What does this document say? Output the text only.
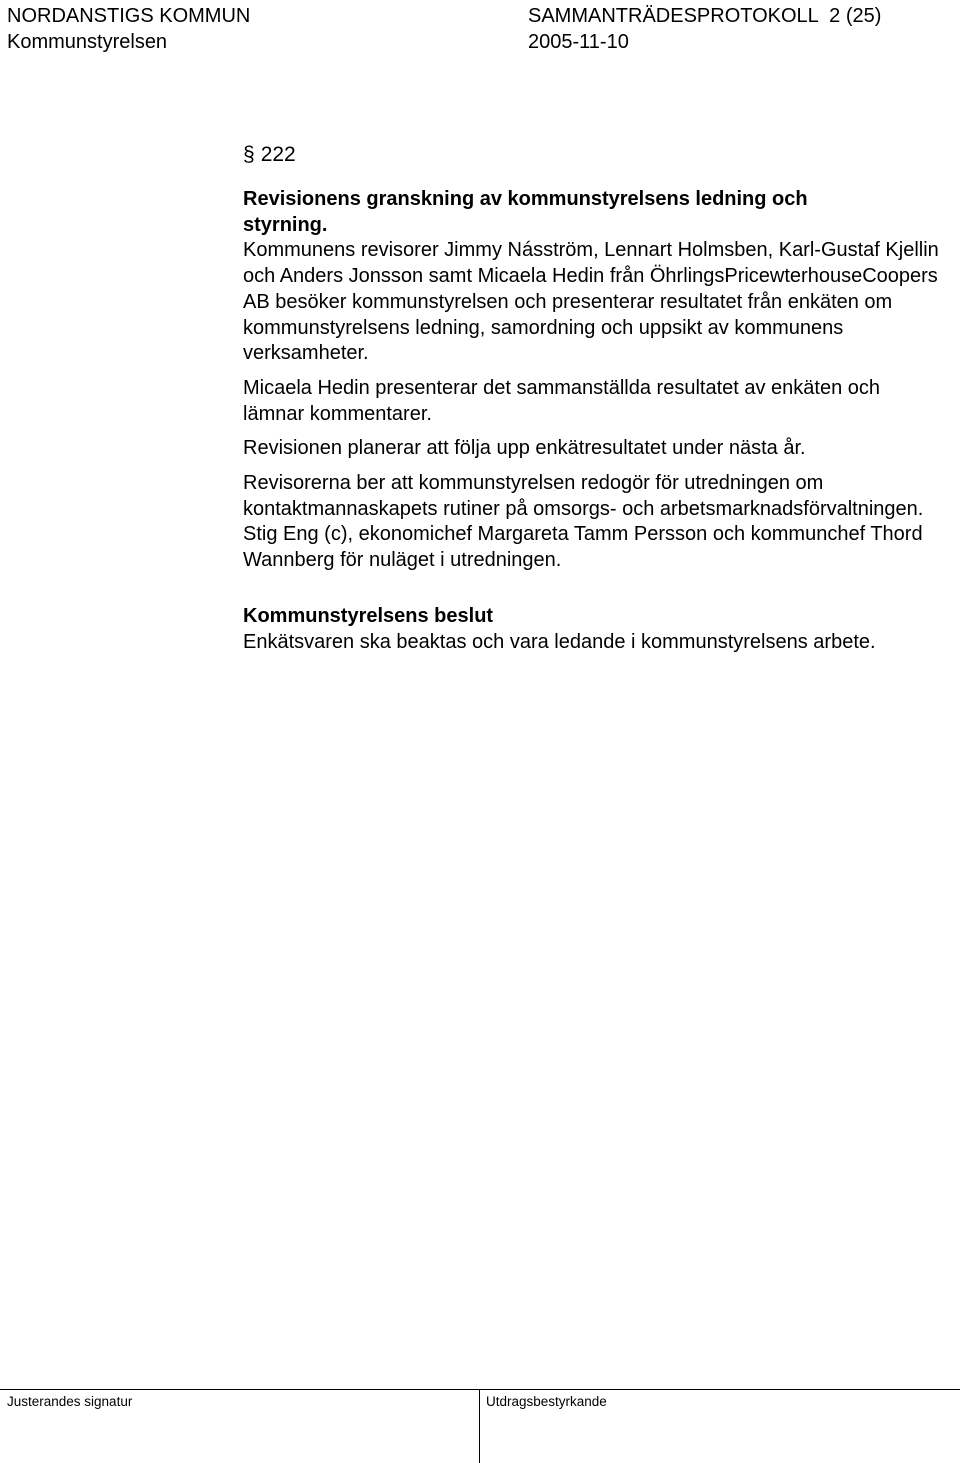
NORDANSTIGS KOMMUN
Kommunstyrelsen
SAMMANTRÄDESPROTOKOLL  2 (25)
2005-11-10
§ 222
Revisionens granskning av kommunstyrelsens ledning och styrning.

Kommunens revisorer Jimmy Násström, Lennart Holmsben, Karl-Gustaf Kjellin och Anders Jonsson samt Micaela Hedin från ÖhrlingsPricewterhouseCoopers AB besöker kommunstyrelsen och presenterar resultatet från enkäten om kommunstyrelsens ledning, samordning och uppsikt av kommunens verksamheter.

Micaela Hedin presenterar det sammanställda resultatet av enkäten och lämnar kommentarer.

Revisionen planerar att följa upp enkätresultatet under nästa år.

Revisorerna ber att kommunstyrelsen redogör för utredningen om kontaktmannaskapets rutiner på omsorgs- och arbetsmarknadsförvaltningen. Stig Eng (c), ekonomichef Margareta Tamm Persson och kommunchef Thord Wannberg för nuläget i utredningen.

Kommunstyrelsens beslut

Enkätsvaren ska beaktas och vara ledande i kommunstyrelsens arbete.

Justerandes signatur	Utdragsbestyrkande
